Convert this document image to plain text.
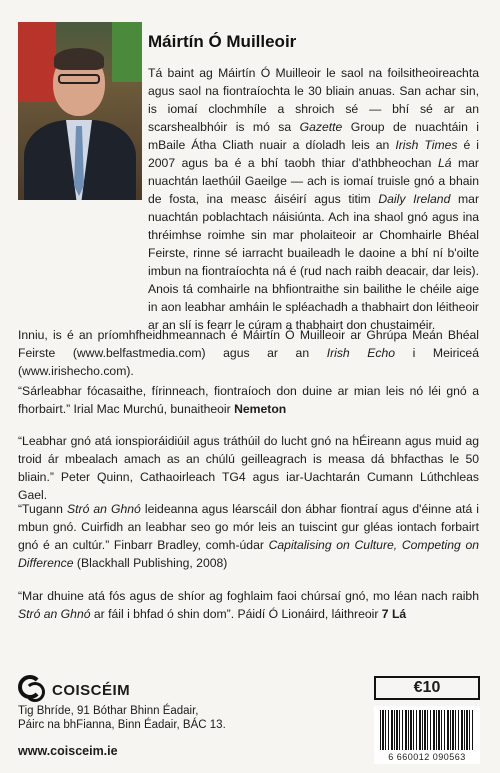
Máirtín Ó Muilleoir

Tá baint ag Máirtín Ó Muilleoir le saol na foilsitheoireachta agus saol na fiontraíochta le 30 bliain anuas. San achar sin, is iomaí clochmhíle a shroich sé — bhí sé ar an scarshealbhóir is mó sa Gazette Group de nuachtáin i mBaile Átha Cliath nuair a díoladh leis an Irish Times é i 2007 agus ba é a bhí taobh thiar d'athbheochan Lá mar nuachtán laethúil Gaeilge — ach is iomaí truisle gnó a bhain de fosta, ina measc áiséirí agus titim Daily Ireland mar nuachtán poblachtach náisiúnta. Ach ina shaol gnó agus ina thréimhse roimhe sin mar pholaiteoir ar Chomhairle Bhéal Feirste, rinne sé iarracht buaileadh le daoine a bhí ní b'oilte imbun na fiontraíochta ná é (rud nach raibh deacair, dar leis). Anois tá comhairle na bhfiontraithe sin bailithe le chéile aige in aon leabhar amháin le spléachadh a thabhairt don léitheoir ar an slí is fearr le cúram a thabhairt don chustaiméir.

Inniu, is é an príomhfheidhmeannach é Máirtín Ó Muilleoir ar Ghrúpa Meán Bhéal Feirste (www.belfastmedia.com) agus ar an Irish Echo i Meiriceá (www.irishecho.com).

“Sárleabhar fócasaithe, fírinneach, fiontraíoch don duine ar mian leis nó léi gnó a fhorbairt.” Irial Mac Murchú, bunaitheoir Nemeton

“Leabhar gnó atá ionspioráidiúil agus tráthúil do lucht gnó na hÉireann agus muid ag troid ár mbealach amach as an chúlú geilleagrach is measa dá bhfacthas le 50 bliain.” Peter Quinn, Cathaoirleach TG4 agus iar-Uachtarán Cumann Lúthchleas Gael.

“Tugann Stró an Ghnó leideanna agus léarscáil don ábhar fiontraí agus d'éinne atá i mbun gnó. Cuirfidh an leabhar seo go mór leis an tuiscint gur gléas iontach forbairt gnó é an cultúr.” Finbarr Bradley, comh-údar Capitalising on Culture, Competing on Difference (Blackhall Publishing, 2008)

“Mar dhuine atá fós agus de shíor ag foghlaim faoi chúrsaí gnó, mo léan nach raibh Stró an Ghnó ar fáil i bhfad ó shin dom”. Páidí Ó Lionáird, láithreoir 7 Lá

COISCÉIM
Tig Bhríde, 91 Bóthar Bhinn Éadair,
Páirc na bhFianna, Binn Éadair, BÁC 13.
www.coisceim.ie
€10
6 660012 090563
